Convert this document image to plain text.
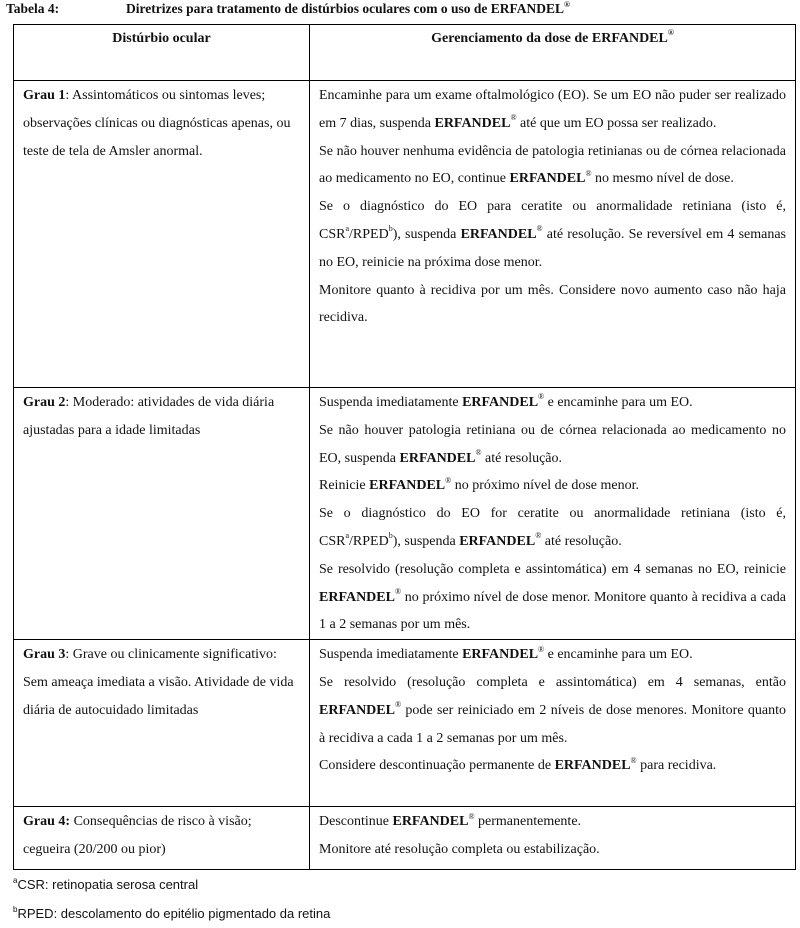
Tabela 4:	Diretrizes para tratamento de distúrbios oculares com o uso de ERFANDEL®
Distúrbio ocular	Gerenciamento da dose de ERFANDEL®
Grau 1: Assintomáticos ou sintomas leves; observações clínicas ou diagnósticas apenas, ou teste de tela de Amsler anormal.	Encaminhe para um exame oftalmológico (EO). Se um EO não puder ser realizado em 7 dias, suspenda ERFANDEL® até que um EO possa ser realizado.
Se não houver nenhuma evidência de patologia retinianas ou de córnea relacionada ao medicamento no EO, continue ERFANDEL® no mesmo nível de dose.
Se o diagnóstico do EO para ceratite ou anormalidade retiniana (isto é, CSR$^a$/RPED$^b$), suspenda ERFANDEL® até resolução. Se reversível em 4 semanas no EO, reinicie na próxima dose menor.
Monitore quanto à recidiva por um mês. Considere novo aumento caso não haja recidiva.

Grau 2: Moderado: atividades de vida diária ajustadas para a idade limitadas	Suspenda imediatamente ERFANDEL® e encaminhe para um EO.
Se não houver patologia retiniana ou de córnea relacionada ao medicamento no EO, suspenda ERFANDEL® até resolução.
Reinicie ERFANDEL® no próximo nível de dose menor.
Se o diagnóstico do EO for ceratite ou anormalidade retiniana (isto é, CSR$^a$/RPED$^b$), suspenda ERFANDEL® até resolução.
Se resolvido (resolução completa e assintomática) em 4 semanas no EO, reinicie ERFANDEL® no próximo nível de dose menor. Monitore quanto à recidiva a cada 1 a 2 semanas por um mês.

Grau 3: Grave ou clinicamente significativo: Sem ameaça imediata a visão. Atividade de vida diária de autocuidado limitadas	Suspenda imediatamente ERFANDEL® e encaminhe para um EO.
Se resolvido (resolução completa e assintomática) em 4 semanas, então ERFANDEL® pode ser reiniciado em 2 níveis de dose menores. Monitore quanto à recidiva a cada 1 a 2 semanas por um mês.
Considere descontinuação permanente de ERFANDEL® para recidiva.

Grau 4: Consequências de risco à visão; cegueira (20/200 ou pior)	Descontinue ERFANDEL® permanentemente.
Monitore até resolução completa ou estabilização.
$^a$CSR: retinopatia serosa central
$^b$RPED: descolamento do epitélio pigmentado da retina
